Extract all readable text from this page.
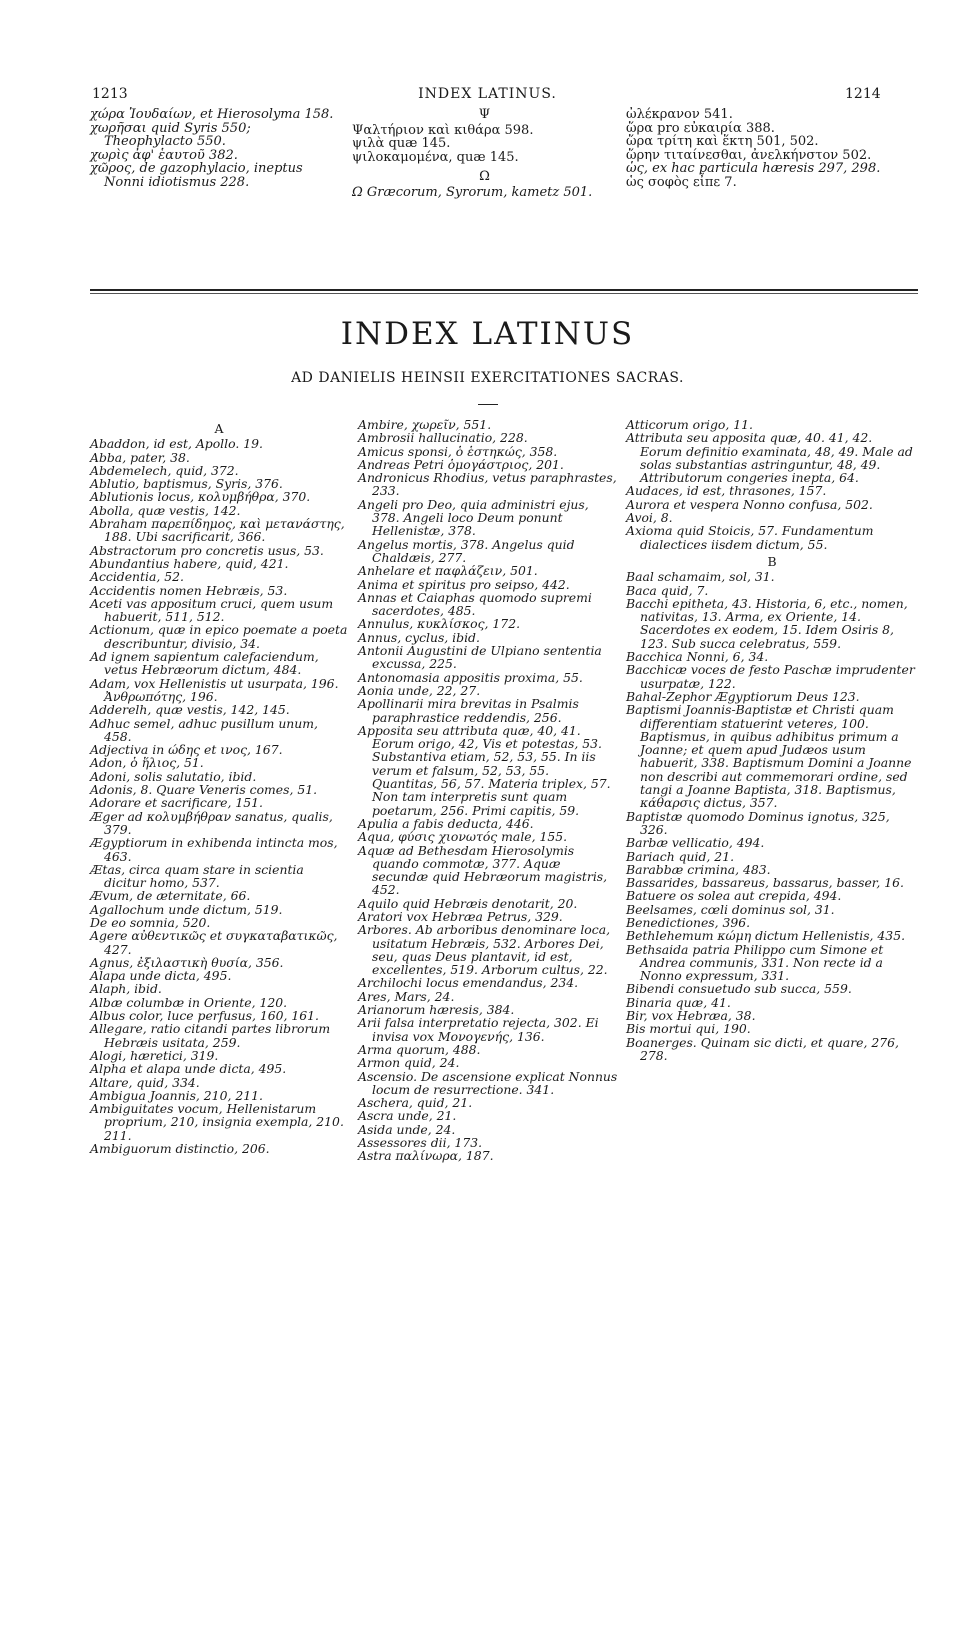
1213	INDEX LATINUS.	1214
χώρα Ἰουδαίων, et Hierosolyma 158.
χωρῆσαι quid Syris 550; Theophylacto 550.
χωρὶς ἀφ' ἑαυτοῦ 382.
χῶρος, de gazophylacio, ineptus Nonni idiotismus 228.
Ψ
Ψαλτήριον καὶ κιθάρα 598.
ψιλὰ quæ 145.
ψιλοκαμομένα, quæ 145.
Ω
Ω Græcorum, Syrorum, kametz 501.
ὠλέκρανον 541.
ὥρα pro εὐκαιρία 388.
ὥρα τρίτη καὶ ἕκτη 501, 502.
ὥρην τιταίνεσθαι, ἀνελκήνστον 502.
ὡς, ex hac particula hæresis 297, 298.
ὡς σοφὸς εἶπε 7.
INDEX LATINUS
AD DANIELIS HEINSII EXERCITATIONES SACRAS.
A
Abaddon, id est, Apollo. 19.
Abba, pater, 38.
Abdemelech, quid, 372.
Ablutio, baptismus, Syris, 376.
Ablutionis locus, κολυμβήθρα, 370.
Abolla, quæ vestis, 142.
Abraham παρεπίδημος, καὶ μετανάστης, 188. Ubi sacrificarit, 366.
Abstractorum pro concretis usus, 53.
Abundantius habere, quid, 421.
Accidentia, 52.
Accidentis nomen Hebræis, 53.
Aceti vas appositum cruci, quem usum habuerit, 511, 512.
Actionum, quæ in epico poemate a poeta describuntur, divisio, 34.
Ad ignem sapientum calefaciendum, vetus Hebræorum dictum, 484.
Adam, vox Hellenistis ut usurpata, 196. Ἀνθρωπότης, 196.
Adderelh, quæ vestis, 142, 145.
Adhuc semel, adhuc pusillum unum, 458.
Adjectiva in ώδης et ινος, 167.
Adon, ὁ ἥλιος, 51.
Adoni, solis salutatio, ibid.
Adonis, 8. Quare Veneris comes, 51.
Adorare et sacrificare, 151.
Æger ad κολυμβήθραν sanatus, qualis, 379.
Ægyptiorum in exhibenda intincta mos, 463.
Ætas, circa quam stare in scientia dicitur homo, 537.
Ævum, de æternitate, 66.
Agallochum unde dictum, 519.
De eo somnia, 520.
Agere αὐθεντικῶς et συγκαταβατικῶς, 427.
Agnus, ἐξιλαστικὴ θυσία, 356.
Alapa unde dicta, 495.
Alaph, ibid.
Albæ columbæ in Oriente, 120.
Albus color, luce perfusus, 160, 161.
Allegare, ratio citandi partes librorum Hebræis usitata, 259.
Alogi, hæretici, 319.
Alpha et alapa unde dicta, 495.
Altare, quid, 334.
Ambigua Joannis, 210, 211.
Ambiguitates vocum, Hellenistarum proprium, 210, insignia exempla, 210. 211.
Ambiguorum distinctio, 206.
Ambire, χωρεῖν, 551.
Ambrosii hallucinatio, 228.
Amicus sponsi, ὁ ἑστηκώς, 358.
Andreas Petri ὁμογάστριος, 201.
Andronicus Rhodius, vetus paraphrastes, 233.
Angeli pro Deo, quia administri ejus, 378. Angeli loco Deum ponunt Hellenistæ, 378.
Angelus mortis, 378. Angelus quid Chaldæis, 277.
Anhelare et παφλάζειν, 501.
Anima et spiritus pro seipso, 442.
Annas et Caiaphas quomodo supremi sacerdotes, 485.
Annulus, κυκλίσκος, 172.
Annus, cyclus, ibid.
Antonii Augustini de Ulpiano sententia excussa, 225.
Antonomasia appositis proxima, 55.
Aonia unde, 22, 27.
Apollinarii mira brevitas in Psalmis paraphrastice reddendis, 256.
Apposita seu attributa quæ, 40, 41. Eorum origo, 42, Vis et potestas, 53. Substantiva etiam, 52, 53, 55. In iis verum et falsum, 52, 53, 55. Quantitas, 56, 57. Materia triplex, 57. Non tam interpretis sunt quam poetarum, 256. Primi capitis, 59.
Apulia a fabis deducta, 446.
Aqua, φύσις χιονωτός male, 155.
Aquæ ad Bethesdam Hierosolymis quando commotæ, 377. Aquæ secundæ quid Hebræorum magistris, 452.
Aquilo quid Hebræis denotarit, 20.
Aratori vox Hebræa Petrus, 329.
Arbores. Ab arboribus denominare loca, usitatum Hebræis, 532. Arbores Dei, seu, quas Deus plantavit, id est, excellentes, 519. Arborum cultus, 22.
Archilochi locus emendandus, 234.
Ares, Mars, 24.
Arianorum hæresis, 384.
Arii falsa interpretatio rejecta, 302. Ei invisa vox Μονογενής, 136.
Arma quorum, 488.
Armon quid, 24.
Ascensio. De ascensione explicat Nonnus locum de resurrectione. 341.
Aschera, quid, 21.
Ascra unde, 21.
Asida unde, 24.
Assessores dii, 173.
Astra παλίνωρα, 187.
Atticorum origo, 11.
Attributa seu apposita quæ, 40. 41, 42. Eorum definitio examinata, 48, 49. Male ad solas substantias astringuntur, 48, 49. Attributorum congeries inepta, 64.
Audaces, id est, thrasones, 157.
Aurora et vespera Nonno confusa, 502.
Avoi, 8.
Axioma quid Stoicis, 57. Fundamentum dialectices iisdem dictum, 55.
B
Baal schamaim, sol, 31.
Baca quid, 7.
Bacchi epitheta, 43. Historia, 6, etc., nomen, nativitas, 13. Arma, ex Oriente, 14. Sacerdotes ex eodem, 15. Idem Osiris 8, 123. Sub succa celebratus, 559.
Bacchica Nonni, 6, 34.
Bacchicæ voces de festo Paschæ imprudenter usurpatæ, 122.
Bahal-Zephor Ægyptiorum Deus 123.
Baptismi Joannis-Baptistæ et Christi quam differentiam statuerint veteres, 100. Baptismus, in quibus adhibitus primum a Joanne; et quem apud Judæos usum habuerit, 338. Baptismum Domini a Joanne non describi aut commemorari ordine, sed tangi a Joanne Baptista, 318. Baptismus, κάθαρσις dictus, 357.
Baptistæ quomodo Dominus ignotus, 325, 326.
Barbæ vellicatio, 494.
Bariach quid, 21.
Barabbæ crimina, 483.
Bassarides, bassareus, bassarus, basser, 16.
Batuere os solea aut crepida, 494.
Beelsames, cœli dominus sol, 31.
Benedictiones, 396.
Bethlehemum κώμη dictum Hellenistis, 435.
Bethsaida patria Philippo cum Simone et Andrea communis, 331. Non recte id a Nonno expressum, 331.
Bibendi consuetudo sub succa, 559.
Binaria quæ, 41.
Bir, vox Hebræa, 38.
Bis mortui qui, 190.
Boanerges. Quinam sic dicti, et quare, 276, 278.
